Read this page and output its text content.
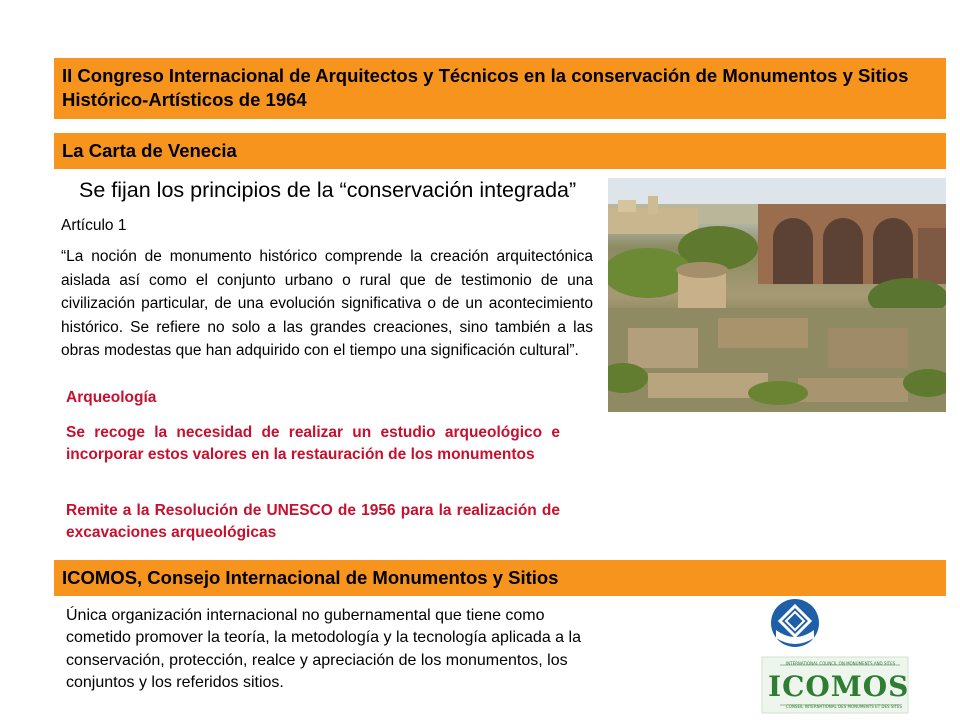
II Congreso Internacional de Arquitectos y Técnicos en la conservación de Monumentos y Sitios Histórico-Artísticos de 1964
La Carta de Venecia
Se fijan los principios de la “conservación integrada”
Artículo 1
“La noción de monumento histórico comprende la creación arquitectónica aislada así como el conjunto urbano o rural que de testimonio de una civilización particular, de una evolución significativa o de un acontecimiento histórico. Se refiere no solo a las grandes creaciones, sino también a las obras modestas que han adquirido con el tiempo una significación cultural”.
Arqueología
Se recoge la necesidad de realizar un estudio arqueológico e incorporar estos valores en la restauración de los monumentos
Remite a la Resolución de UNESCO de 1956 para la realización de excavaciones arqueológicas
ICOMOS, Consejo Internacional de Monumentos y Sitios
Única organización internacional no gubernamental que tiene como cometido promover la teoría, la metodología y la tecnología aplicada a la conservación, protección, realce y apreciación de los monumentos, los conjuntos y los referidos sitios.
INTERNATIONAL COUNCIL ON MONUMENTS AND SITES
ICOMOS
CONSEIL INTERNATIONAL DES MONUMENTS ET DES SITES
